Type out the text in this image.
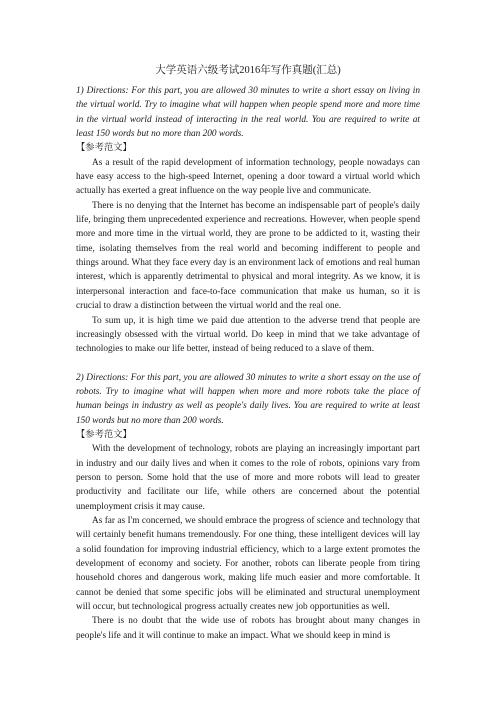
大学英语六级考试2016年写作真题(汇总)

1) Directions: For this part, you are allowed 30 minutes to write a short essay on living in the virtual world. Try to imagine what will happen when people spend more and more time in the virtual world instead of interacting in the real world. You are required to write at least 150 words but no more than 200 words.

【参考范文】

As a result of the rapid development of information technology, people nowadays can have easy access to the high-speed Internet, opening a door toward a virtual world which actually has exerted a great influence on the way people live and communicate.

There is no denying that the Internet has become an indispensable part of people's daily life, bringing them unprecedented experience and recreations. However, when people spend more and more time in the virtual world, they are prone to be addicted to it, wasting their time, isolating themselves from the real world and becoming indifferent to people and things around. What they face every day is an environment lack of emotions and real human interest, which is apparently detrimental to physical and moral integrity. As we know, it is interpersonal interaction and face-to-face communication that make us human, so it is crucial to draw a distinction between the virtual world and the real one.

To sum up, it is high time we paid due attention to the adverse trend that people are increasingly obsessed with the virtual world. Do keep in mind that we take advantage of technologies to make our life better, instead of being reduced to a slave of them.

2) Directions: For this part, you are allowed 30 minutes to write a short essay on the use of robots. Try to imagine what will happen when more and more robots take the place of human beings in industry as well as people's daily lives. You are required to write at least 150 words but no more than 200 words.

【参考范文】

With the development of technology, robots are playing an increasingly important part in industry and our daily lives and when it comes to the role of robots, opinions vary from person to person. Some hold that the use of more and more robots will lead to greater productivity and facilitate our life, while others are concerned about the potential unemployment crisis it may cause.

As far as I'm concerned, we should embrace the progress of science and technology that will certainly benefit humans tremendously. For one thing, these intelligent devices will lay a solid foundation for improving industrial efficiency, which to a large extent promotes the development of economy and society. For another, robots can liberate people from tiring household chores and dangerous work, making life much easier and more comfortable. It cannot be denied that some specific jobs will be eliminated and structural unemployment will occur, but technological progress actually creates new job opportunities as well.

There is no doubt that the wide use of robots has brought about many changes in people's life and it will continue to make an impact. What we should keep in mind is
